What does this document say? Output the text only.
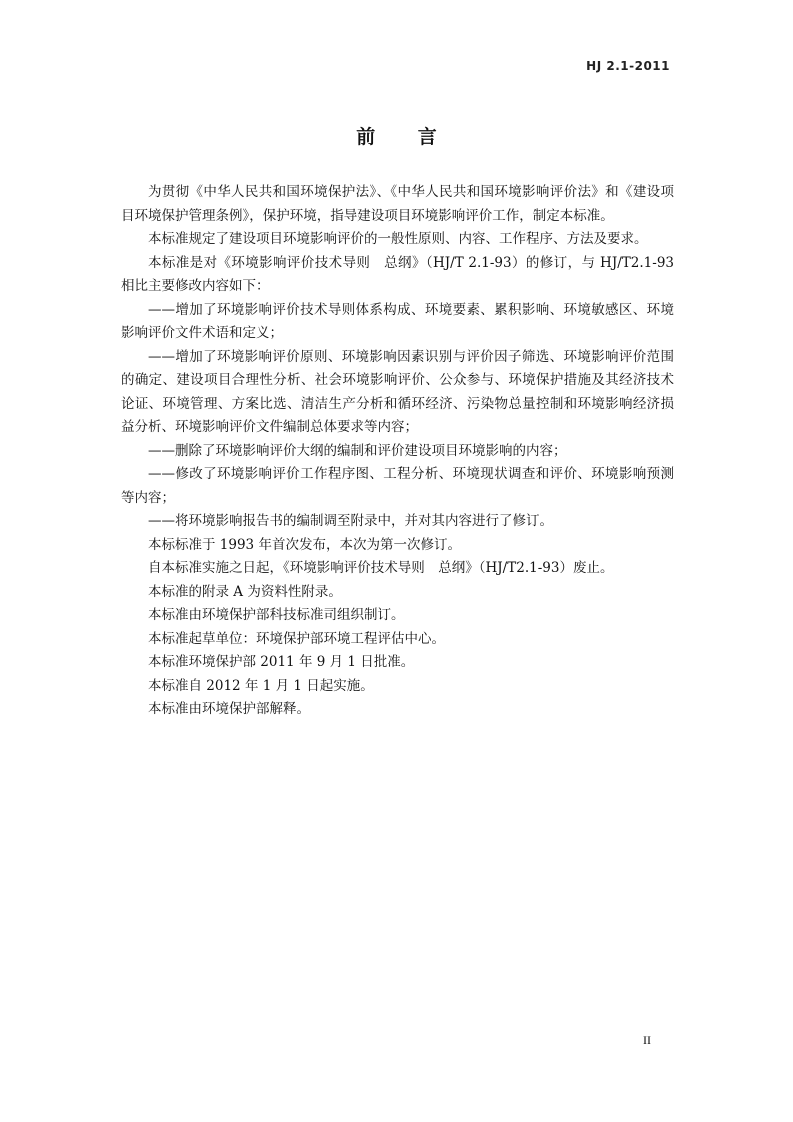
HJ 2.1-2011
前 言

为贯彻《中华人民共和国环境保护法》、《中华人民共和国环境影响评价法》和《建设项目环境保护管理条例》，保护环境，指导建设项目环境影响评价工作，制定本标准。

本标准规定了建设项目环境影响评价的一般性原则、内容、工作程序、方法及要求。

本标准是对《环境影响评价技术导则　总纲》（HJ/T 2.1-93）的修订，与 HJ/T2.1-93 相比主要修改内容如下：

——增加了环境影响评价技术导则体系构成、环境要素、累积影响、环境敏感区、环境影响评价文件术语和定义；

——增加了环境影响评价原则、环境影响因素识别与评价因子筛选、环境影响评价范围的确定、建设项目合理性分析、社会环境影响评价、公众参与、环境保护措施及其经济技术论证、环境管理、方案比选、清洁生产分析和循环经济、污染物总量控制和环境影响经济损益分析、环境影响评价文件编制总体要求等内容；

——删除了环境影响评价大纲的编制和评价建设项目环境影响的内容；

——修改了环境影响评价工作程序图、工程分析、环境现状调查和评价、环境影响预测等内容；

——将环境影响报告书的编制调至附录中，并对其内容进行了修订。

本标标准于 1993 年首次发布，本次为第一次修订。

自本标准实施之日起，《环境影响评价技术导则　总纲》（HJ/T2.1-93）废止。

本标准的附录 A 为资料性附录。

本标准由环境保护部科技标准司组织制订。

本标准起草单位：环境保护部环境工程评估中心。

本标准环境保护部 2011 年 9 月 1 日批准。

本标准自 2012 年 1 月 1 日起实施。

本标准由环境保护部解释。

II
